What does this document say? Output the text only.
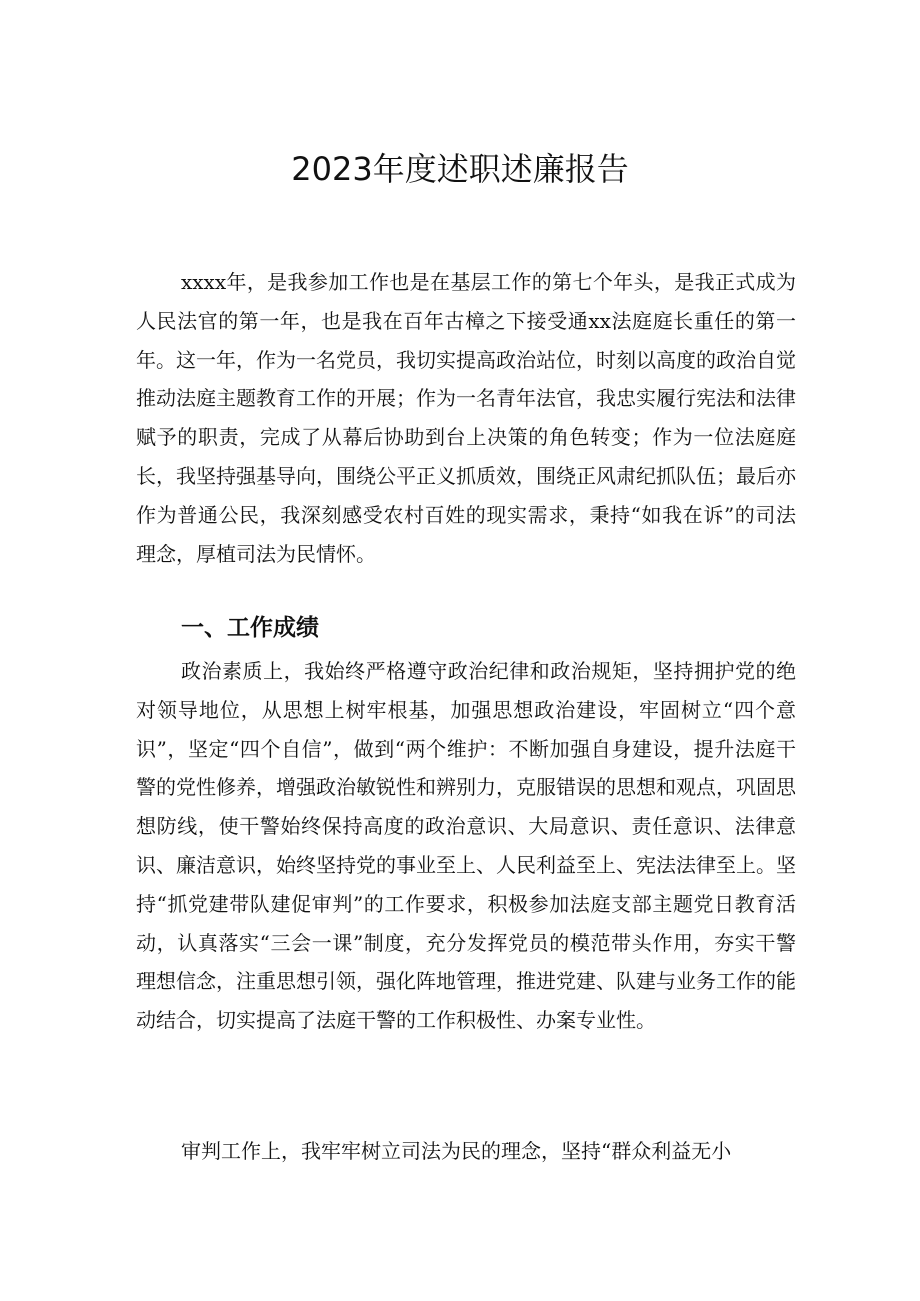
2023年度述职述廉报告

xxxx年，是我参加工作也是在基层工作的第七个年头，是我正式成为人民法官的第一年，也是我在百年古樟之下接受通xx法庭庭长重任的第一年。这一年，作为一名党员，我切实提高政治站位，时刻以高度的政治自觉推动法庭主题教育工作的开展；作为一名青年法官，我忠实履行宪法和法律赋予的职责，完成了从幕后协助到台上决策的角色转变；作为一位法庭庭长，我坚持强基导向，围绕公平正义抓质效，围绕正风肃纪抓队伍；最后亦作为普通公民，我深刻感受农村百姓的现实需求，秉持“如我在诉”的司法理念，厚植司法为民情怀。

一、工作成绩

政治素质上，我始终严格遵守政治纪律和政治规矩，坚持拥护党的绝对领导地位，从思想上树牢根基，加强思想政治建设，牢固树立“四个意识”，坚定“四个自信”，做到“两个维护：不断加强自身建设，提升法庭干警的党性修养，增强政治敏锐性和辨别力，克服错误的思想和观点，巩固思想防线，使干警始终保持高度的政治意识、大局意识、责任意识、法律意识、廉洁意识，始终坚持党的事业至上、人民利益至上、宪法法律至上。坚持“抓党建带队建促审判”的工作要求，积极参加法庭支部主题党日教育活动，认真落实“三会一课”制度，充分发挥党员的模范带头作用，夯实干警理想信念，注重思想引领，强化阵地管理，推进党建、队建与业务工作的能动结合，切实提高了法庭干警的工作积极性、办案专业性。

审判工作上，我牢牢树立司法为民的理念，坚持“群众利益无小
